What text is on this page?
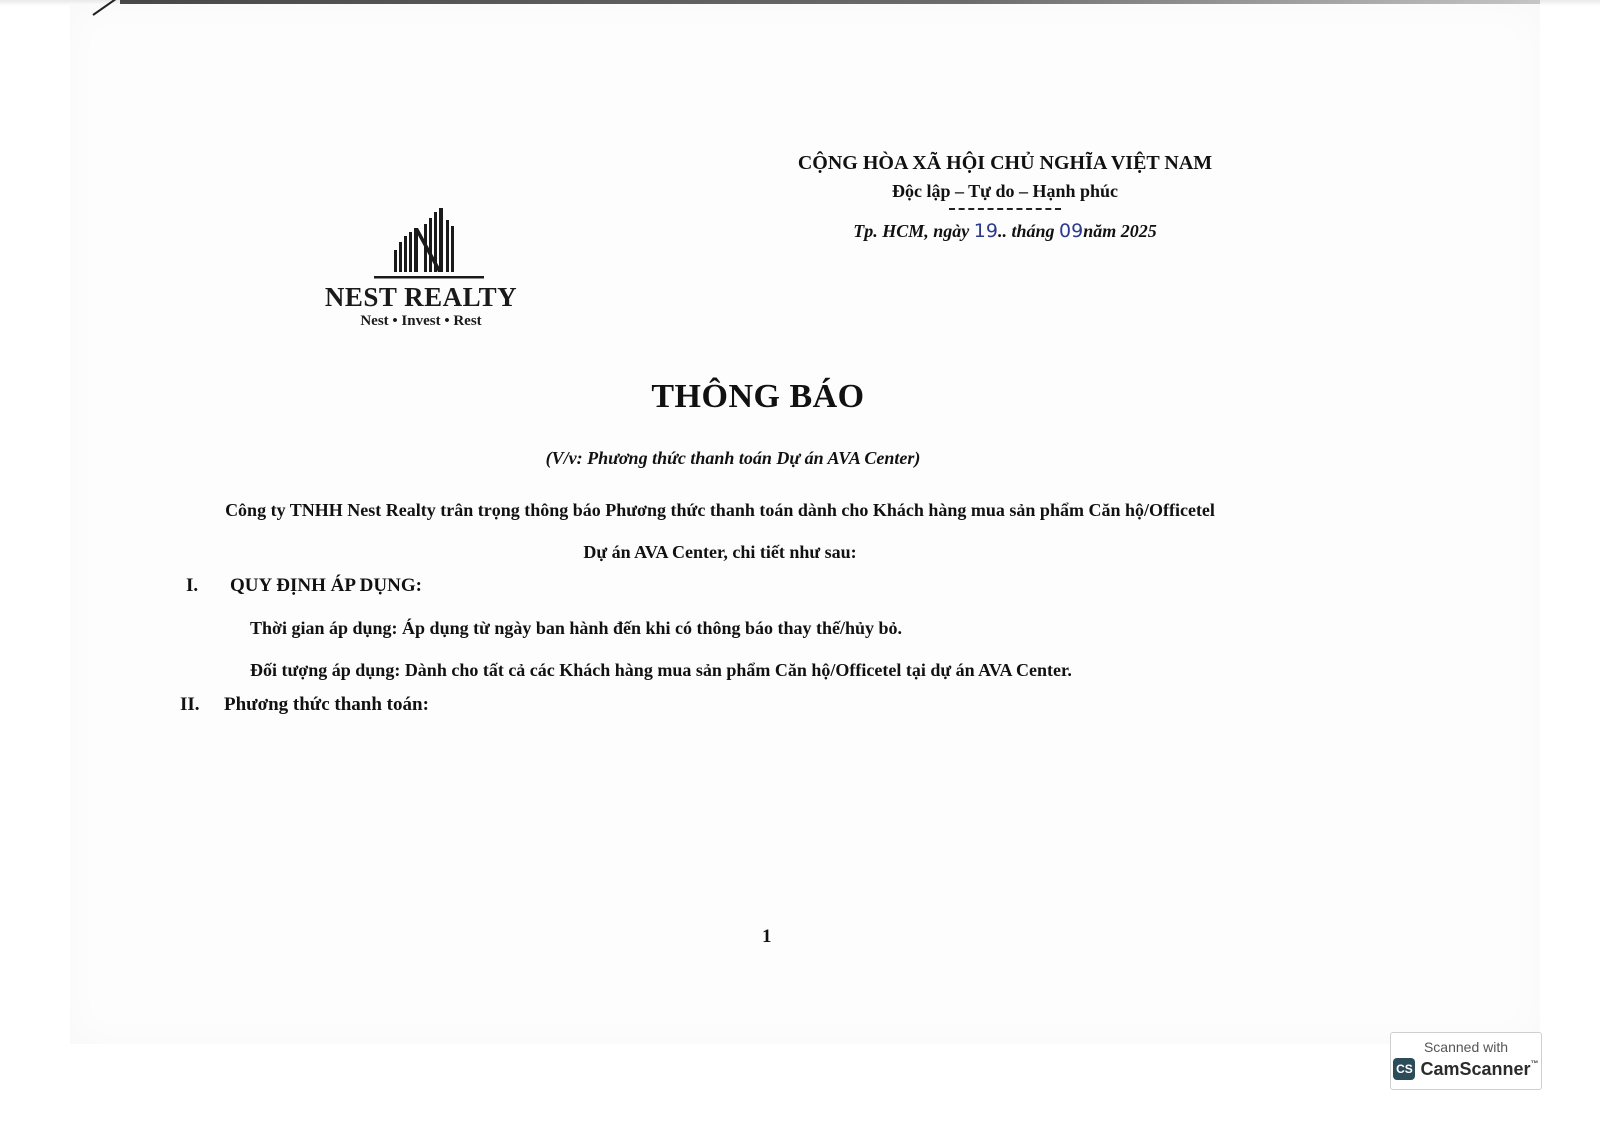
NEST REALTY
Nest • Invest • Rest
CỘNG HÒA XÃ HỘI CHỦ NGHĨA VIỆT NAM
Độc lập – Tự do – Hạnh phúc
Tp. HCM, ngày 19.. tháng 09năm 2025
THÔNG BÁO
(V/v: Phương thức thanh toán Dự án AVA Center)
Công ty TNHH Nest Realty trân trọng thông báo Phương thức thanh toán dành cho Khách hàng mua sản phẩm Căn hộ/Officetel
Dự án AVA Center, chi tiết như sau:
I. QUY ĐỊNH ÁP DỤNG:
Thời gian áp dụng: Áp dụng từ ngày ban hành đến khi có thông báo thay thế/hủy bỏ.
Đối tượng áp dụng: Dành cho tất cả các Khách hàng mua sản phẩm Căn hộ/Officetel tại dự án AVA Center.
II. Phương thức thanh toán:
1
Scanned with
CS CamScanner™
